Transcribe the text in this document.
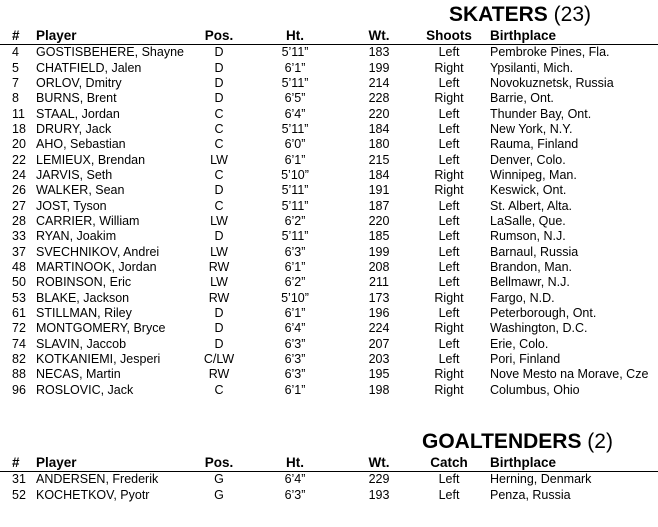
SKATERS (23)
#	Player	Pos.	Ht.	Wt.	Shoots	Birthplace
4	GOSTISBEHERE, Shayne	D	5’11”	183	Left	Pembroke Pines, Fla.
5	CHATFIELD, Jalen	D	6’1”	199	Right	Ypsilanti, Mich.
7	ORLOV, Dmitry	D	5’11”	214	Left	Novokuznetsk, Russia
8	BURNS, Brent	D	6’5”	228	Right	Barrie, Ont.
11	STAAL, Jordan	C	6’4”	220	Left	Thunder Bay, Ont.
18	DRURY, Jack	C	5’11”	184	Left	New York, N.Y.
20	AHO, Sebastian	C	6’0”	180	Left	Rauma, Finland
22	LEMIEUX, Brendan	LW	6’1”	215	Left	Denver, Colo.
24	JARVIS, Seth	C	5’10”	184	Right	Winnipeg, Man.
26	WALKER, Sean	D	5’11”	191	Right	Keswick, Ont.
27	JOST, Tyson	C	5’11”	187	Left	St. Albert, Alta.
28	CARRIER, William	LW	6’2”	220	Left	LaSalle, Que.
33	RYAN, Joakim	D	5’11”	185	Left	Rumson, N.J.
37	SVECHNIKOV, Andrei	LW	6’3”	199	Left	Barnaul, Russia
48	MARTINOOK, Jordan	RW	6’1”	208	Left	Brandon, Man.
50	ROBINSON, Eric	LW	6’2”	211	Left	Bellmawr, N.J.
53	BLAKE, Jackson	RW	5’10”	173	Right	Fargo, N.D.
61	STILLMAN, Riley	D	6’1”	196	Left	Peterborough, Ont.
72	MONTGOMERY, Bryce	D	6’4”	224	Right	Washington, D.C.
74	SLAVIN, Jaccob	D	6’3”	207	Left	Erie, Colo.
82	KOTKANIEMI, Jesperi	C/LW	6’3”	203	Left	Pori, Finland
88	NECAS, Martin	RW	6’3”	195	Right	Nove Mesto na Morave, Cze
96	ROSLOVIC, Jack	C	6’1”	198	Right	Columbus, Ohio
GOALTENDERS (2)
#	Player	Pos.	Ht.	Wt.	Catch	Birthplace
31	ANDERSEN, Frederik	G	6’4”	229	Left	Herning, Denmark
52	KOCHETKOV, Pyotr	G	6’3”	193	Left	Penza, Russia
